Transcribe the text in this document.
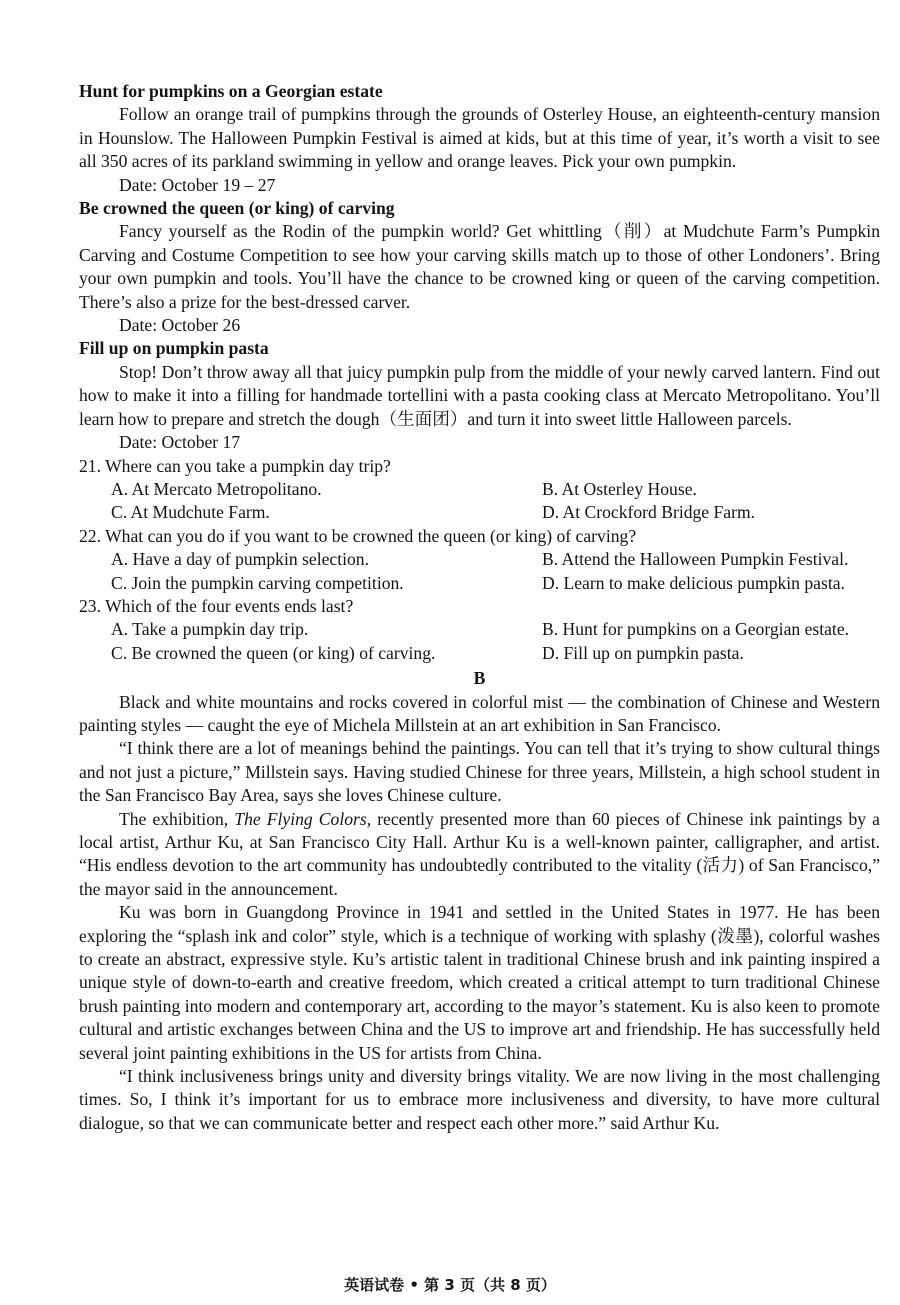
Hunt for pumpkins on a Georgian estate

Follow an orange trail of pumpkins through the grounds of Osterley House, an eighteenth-century mansion in Hounslow. The Halloween Pumpkin Festival is aimed at kids, but at this time of year, it’s worth a visit to see all 350 acres of its parkland swimming in yellow and orange leaves. Pick your own pumpkin.

Date: October 19 – 27
Be crowned the queen (or king) of carving

Fancy yourself as the Rodin of the pumpkin world? Get whittling（削）at Mudchute Farm’s Pumpkin Carving and Costume Competition to see how your carving skills match up to those of other Londoners’. Bring your own pumpkin and tools. You’ll have the chance to be crowned king or queen of the carving competition. There’s also a prize for the best-dressed carver.

Date: October 26
Fill up on pumpkin pasta

Stop! Don’t throw away all that juicy pumpkin pulp from the middle of your newly carved lantern. Find out how to make it into a filling for handmade tortellini with a pasta cooking class at Mercato Metropolitano. You’ll learn how to prepare and stretch the dough（生面团）and turn it into sweet little Halloween parcels.

Date: October 17
21. Where can you take a pumpkin day trip?
A. At Mercato Metropolitano.	B. At Osterley House.
C. At Mudchute Farm.	D. At Crockford Bridge Farm.
22. What can you do if you want to be crowned the queen (or king) of carving?
A. Have a day of pumpkin selection.	B. Attend the Halloween Pumpkin Festival.
C. Join the pumpkin carving competition.	D. Learn to make delicious pumpkin pasta.
23. Which of the four events ends last?
A. Take a pumpkin day trip.	B. Hunt for pumpkins on a Georgian estate.
C. Be crowned the queen (or king) of carving.	D. Fill up on pumpkin pasta.
B

Black and white mountains and rocks covered in colorful mist — the combination of Chinese and Western painting styles — caught the eye of Michela Millstein at an art exhibition in San Francisco.

“I think there are a lot of meanings behind the paintings. You can tell that it’s trying to show cultural things and not just a picture,” Millstein says. Having studied Chinese for three years, Millstein, a high school student in the San Francisco Bay Area, says she loves Chinese culture.

The exhibition, The Flying Colors, recently presented more than 60 pieces of Chinese ink paintings by a local artist, Arthur Ku, at San Francisco City Hall. Arthur Ku is a well-known painter, calligrapher, and artist. “His endless devotion to the art community has undoubtedly contributed to the vitality (活力) of San Francisco,” the mayor said in the announcement.

Ku was born in Guangdong Province in 1941 and settled in the United States in 1977. He has been exploring the “splash ink and color” style, which is a technique of working with splashy (泼墨), colorful washes to create an abstract, expressive style. Ku’s artistic talent in traditional Chinese brush and ink painting inspired a unique style of down-to-earth and creative freedom, which created a critical attempt to turn traditional Chinese brush painting into modern and contemporary art, according to the mayor’s statement. Ku is also keen to promote cultural and artistic exchanges between China and the US to improve art and friendship. He has successfully held several joint painting exhibitions in the US for artists from China.

“I think inclusiveness brings unity and diversity brings vitality. We are now living in the most challenging times. So, I think it’s important for us to embrace more inclusiveness and diversity, to have more cultural dialogue, so that we can communicate better and respect each other more.” said Arthur Ku.

英语试卷 • 第 3 页（共 8 页）
